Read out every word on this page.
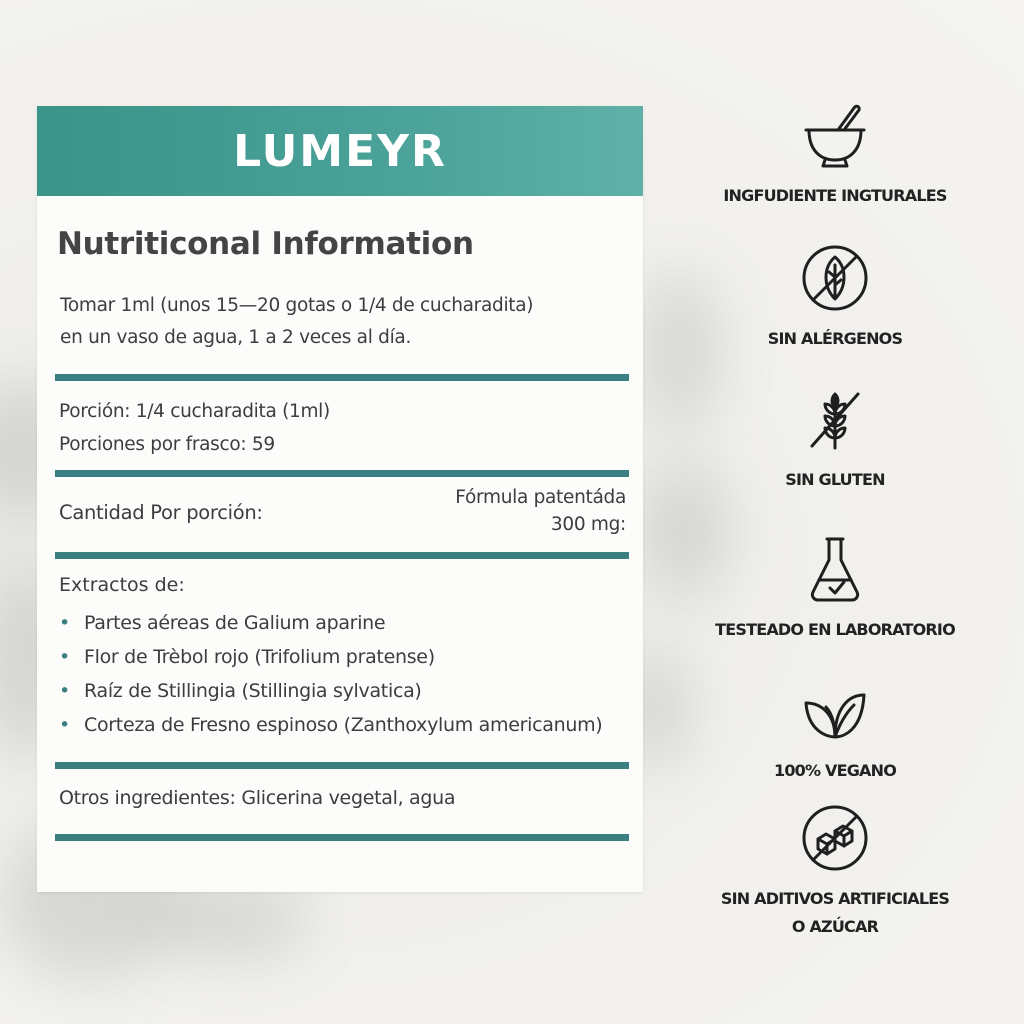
LUMEYR
Nutriticonal Information
Tomar 1ml (unos 15—20 gotas o 1/4 de cucharadita)
en un vaso de agua, 1 a 2 veces al día.
Porción: 1/4 cucharadita (1ml)
Porciones por frasco: 59
Cantidad Por porción:
Fórmula patentáda
300 mg:
Extractos de:
• Partes aéreas de Galium aparine
• Flor de Trèbol rojo (Trifolium pratense)
• Raíz de Stillingia (Stillingia sylvatica)
• Corteza de Fresno espinoso (Zanthoxylum americanum)
Otros ingredientes: Glicerina vegetal, agua
INGFUDIENTE INGTURALES
SIN ALÉRGENOS
SIN GLUTEN
TESTEADO EN LABORATORIO
100% VEGANO
SIN ADITIVOS ARTIFICIALES
O AZÚCAR
